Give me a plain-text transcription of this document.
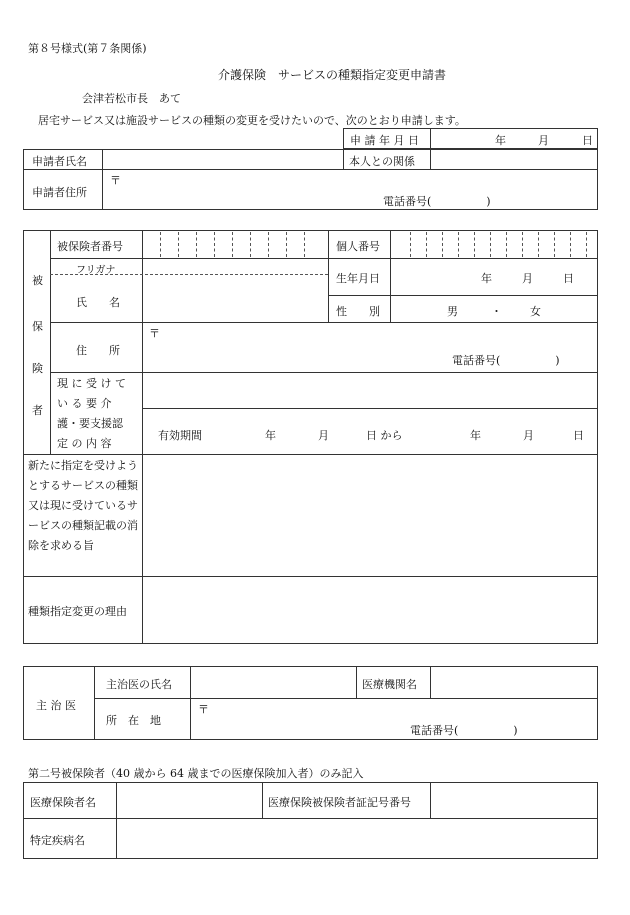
第８号様式(第７条関係)
介護保険　サービスの種類指定変更申請書
会津若松市長　あて
居宅サービス又は施設サービスの種類の変更を受けたいので、次のとおり申請します。
申 請 年 月 日	年	月	日
申請者氏名	本人との関係
申請者住所
〒
電話番号(　　　　　)
被
保
険
者
被保険者番号	個人番号
フリガナ
氏　　名
生年月日	年	月	日
性　　別	男	・	女
住　　所
〒
電話番号(　　　　　)
現 に 受 け て
い る 要 介
護・要支援認
定 の 内 容
有効期間	年	月	日 から	年	月	日
新たに指定を受けようとするサービスの種類又は現に受けているサービスの種類記載の消除を求める旨
種類指定変更の理由
主 治 医
主治医の氏名	医療機関名
所　在　地
〒
電話番号(　　　　　)
第二号被保険者（40 歳から 64 歳までの医療保険加入者）のみ記入
医療保険者名	医療保険被保険者証記号番号
特定疾病名
